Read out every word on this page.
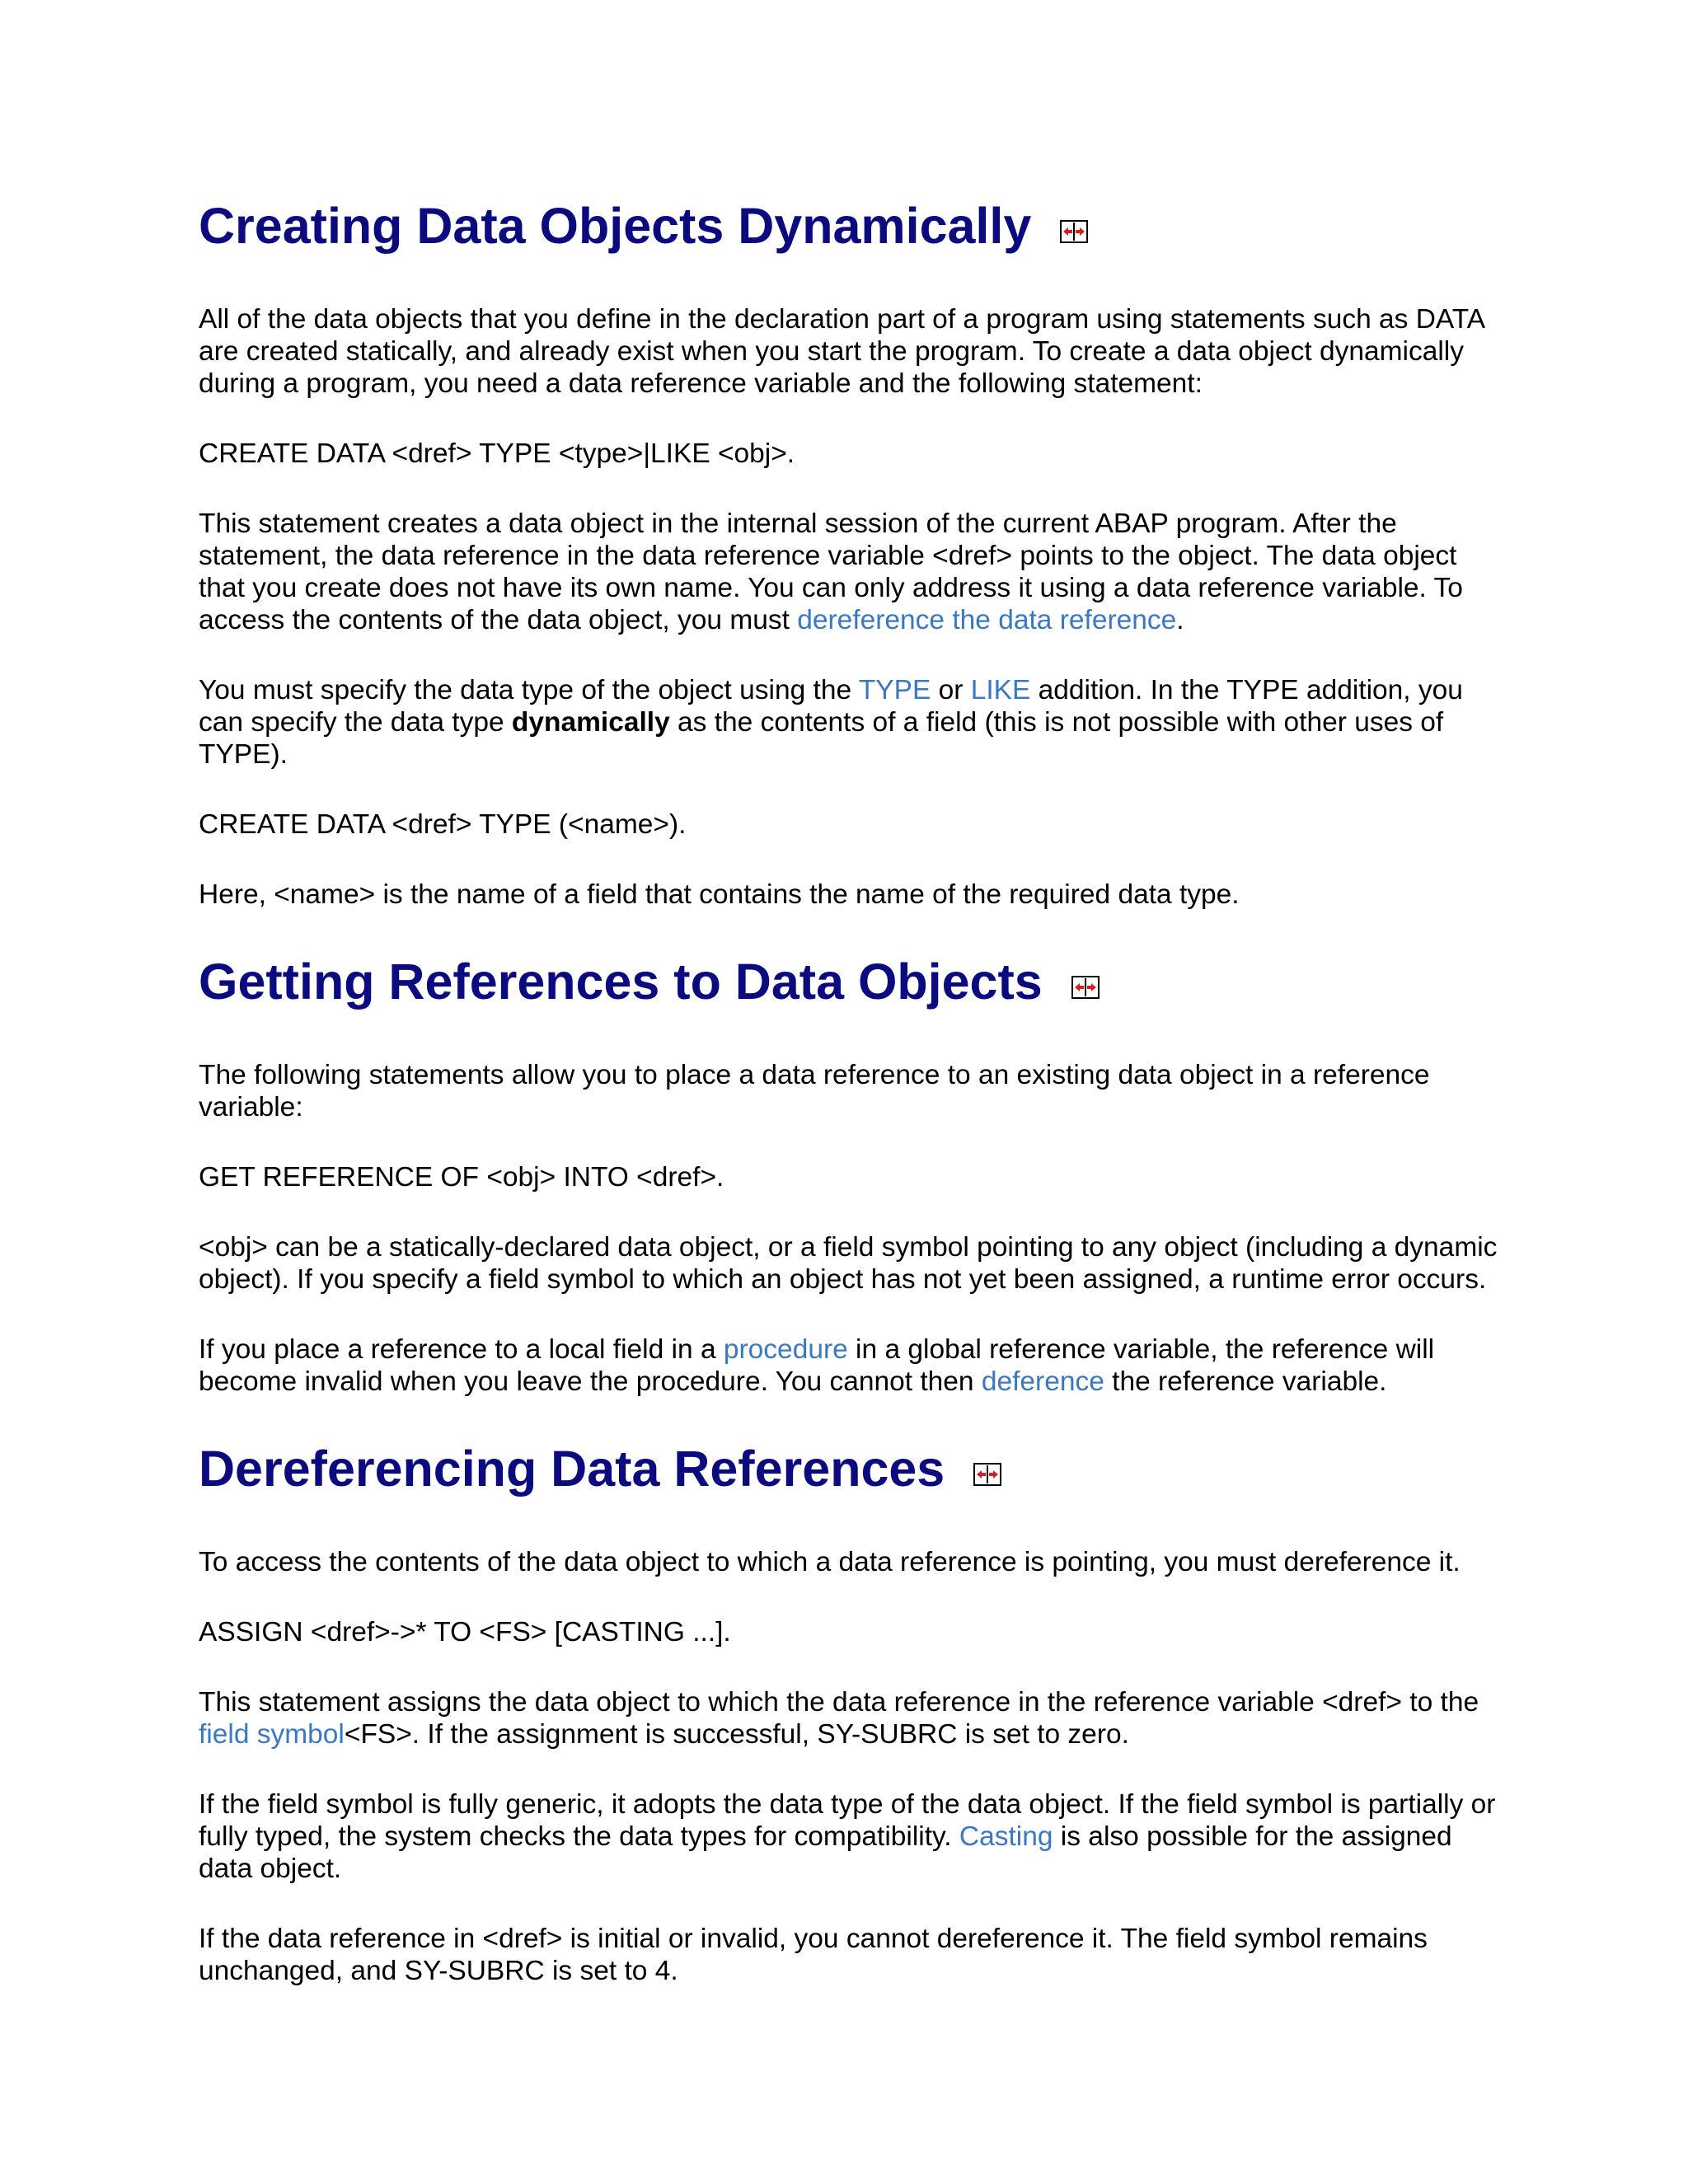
Creating Data Objects Dynamically

All of the data objects that you define in the declaration part of a program using statements such as DATA are created statically, and already exist when you start the program. To create a data object dynamically during a program, you need a data reference variable and the following statement:

CREATE DATA <dref> TYPE <type>|LIKE <obj>.

This statement creates a data object in the internal session of the current ABAP program. After the statement, the data reference in the data reference variable <dref> points to the object. The data object that you create does not have its own name. You can only address it using a data reference variable. To access the contents of the data object, you must dereference the data reference.

You must specify the data type of the object using the TYPE or LIKE addition. In the TYPE addition, you can specify the data type dynamically as the contents of a field (this is not possible with other uses of TYPE).

CREATE DATA <dref> TYPE (<name>).

Here, <name> is the name of a field that contains the name of the required data type.

Getting References to Data Objects

The following statements allow you to place a data reference to an existing data object in a reference variable:

GET REFERENCE OF <obj> INTO <dref>.

<obj> can be a statically-declared data object, or a field symbol pointing to any object (including a dynamic object). If you specify a field symbol to which an object has not yet been assigned, a runtime error occurs.

If you place a reference to a local field in a procedure in a global reference variable, the reference will become invalid when you leave the procedure. You cannot then deference the reference variable.

Dereferencing Data References

To access the contents of the data object to which a data reference is pointing, you must dereference it.

ASSIGN <dref>->* TO <FS> [CASTING ...].

This statement assigns the data object to which the data reference in the reference variable <dref> to the field symbol<FS>. If the assignment is successful, SY-SUBRC is set to zero.

If the field symbol is fully generic, it adopts the data type of the data object. If the field symbol is partially or fully typed, the system checks the data types for compatibility. Casting is also possible for the assigned data object.

If the data reference in <dref> is initial or invalid, you cannot dereference it. The field symbol remains unchanged, and SY-SUBRC is set to 4.
